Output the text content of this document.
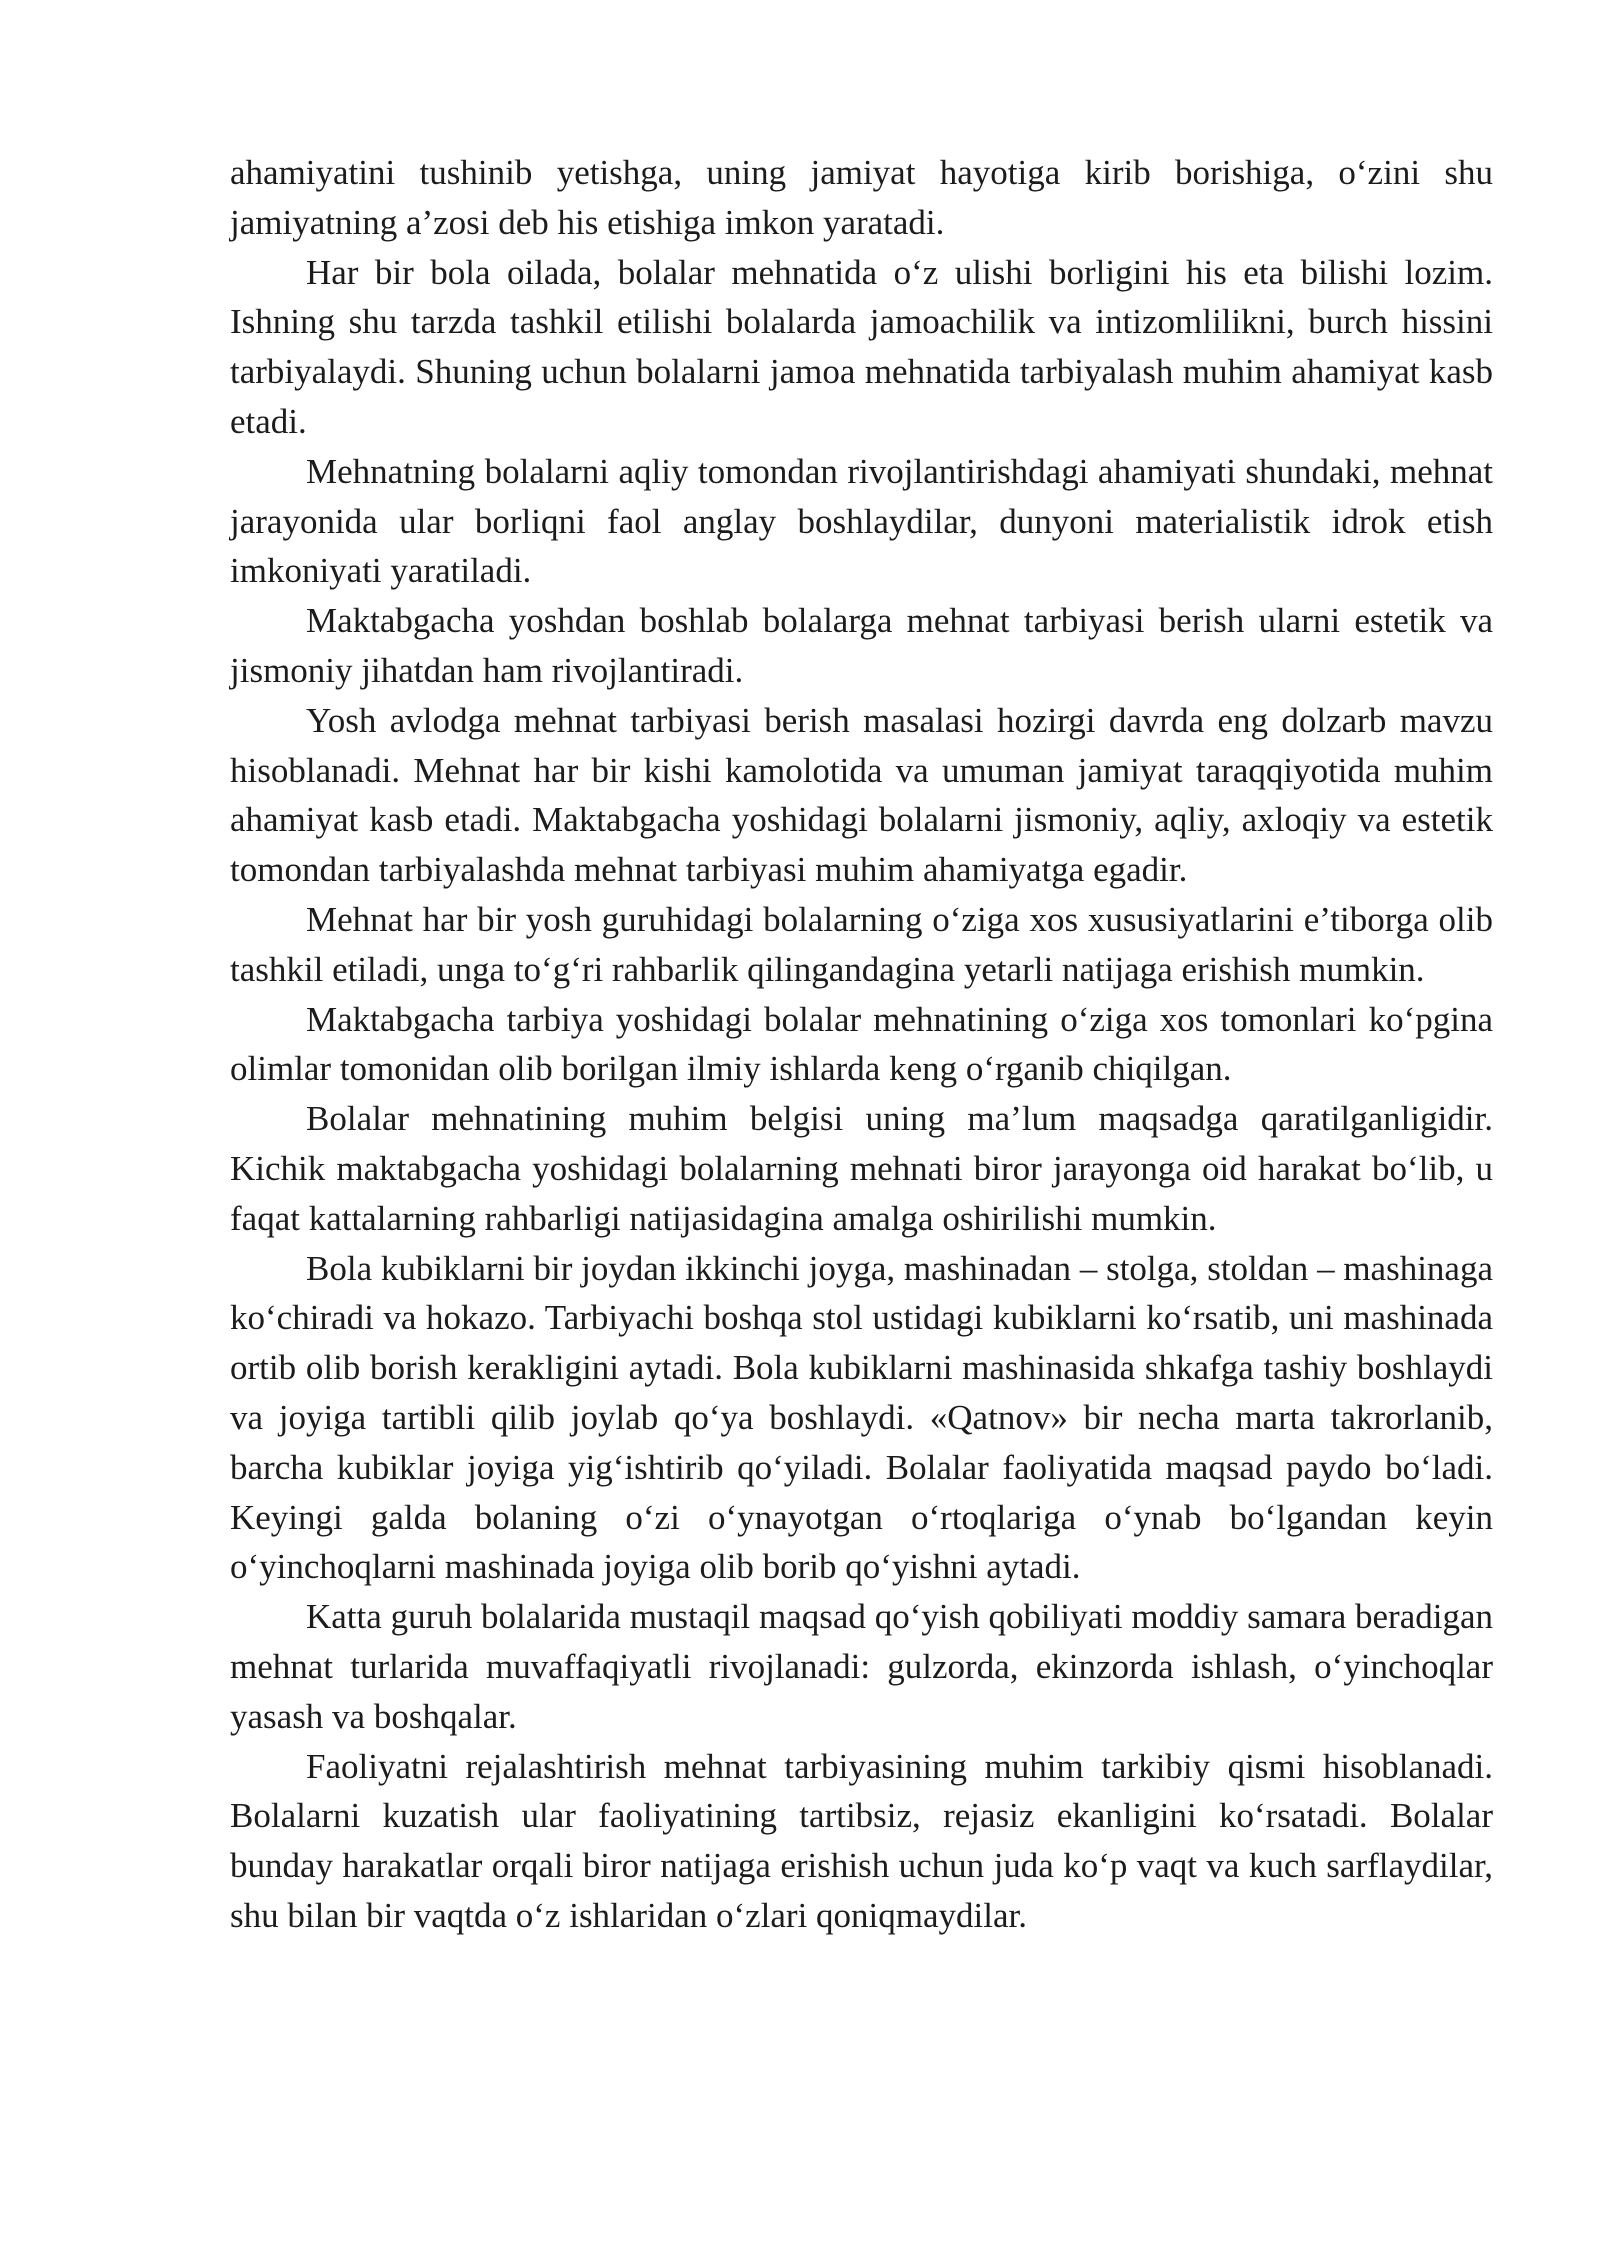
ahamiyatini tushinib yetishga, uning jamiyat hayotiga kirib borishiga, o‘zini shu jamiyatning a’zosi deb his etishiga imkon yaratadi.

Har bir bola oilada, bolalar mehnatida o‘z ulishi borligini his eta bilishi lozim. Ishning shu tarzda tashkil etilishi bolalarda jamoachilik va intizomlilikni, burch hissini tarbiyalaydi. Shuning uchun bolalarni jamoa mehnatida tarbiyalash muhim ahamiyat kasb etadi.

Mehnatning bolalarni aqliy tomondan rivojlantirishdagi ahamiyati shundaki, mehnat jarayonida ular borliqni faol anglay boshlaydilar, dunyoni materialistik idrok etish imkoniyati yaratiladi.

Maktabgacha yoshdan boshlab bolalarga mehnat tarbiyasi berish ularni estetik va jismoniy jihatdan ham rivojlantiradi.

Yosh avlodga mehnat tarbiyasi berish masalasi hozirgi davrda eng dolzarb mavzu hisoblanadi. Mehnat har bir kishi kamolotida va umuman jamiyat taraqqiyotida muhim ahamiyat kasb etadi. Maktabgacha yoshidagi bolalarni jismoniy, aqliy, axloqiy va estetik tomondan tarbiyalashda mehnat tarbiyasi muhim ahamiyatga egadir.

Mehnat har bir yosh guruhidagi bolalarning o‘ziga xos xususiyatlarini e’tiborga olib tashkil etiladi, unga to‘g‘ri rahbarlik qilingandagina yetarli natijaga erishish mumkin.

Maktabgacha tarbiya yoshidagi bolalar mehnatining o‘ziga xos tomonlari ko‘pgina olimlar tomonidan olib borilgan ilmiy ishlarda keng o‘rganib chiqilgan.

Bolalar mehnatining muhim belgisi uning ma’lum maqsadga qaratilganligidir. Kichik maktabgacha yoshidagi bolalarning mehnati biror jarayonga oid harakat bo‘lib, u faqat kattalarning rahbarligi natijasidagina amalga oshirilishi mumkin.

Bola kubiklarni bir joydan ikkinchi joyga, mashinadan – stolga, stoldan – mashinaga ko‘chiradi va hokazo. Tarbiyachi boshqa stol ustidagi kubiklarni ko‘rsatib, uni mashinada ortib olib borish kerakligini aytadi. Bola kubiklarni mashinasida shkafga tashiy boshlaydi va joyiga tartibli qilib joylab qo‘ya boshlaydi. «Qatnov» bir necha marta takrorlanib, barcha kubiklar joyiga yig‘ishtirib qo‘yiladi. Bolalar faoliyatida maqsad paydo bo‘ladi. Keyingi galda bolaning o‘zi o‘ynayotgan o‘rtoqlariga o‘ynab bo‘lgandan keyin o‘yinchoqlarni mashinada joyiga olib borib qo‘yishni aytadi.

Katta guruh bolalarida mustaqil maqsad qo‘yish qobiliyati moddiy samara beradigan mehnat turlarida muvaffaqiyatli rivojlanadi: gulzorda, ekinzorda ishlash, o‘yinchoqlar yasash va boshqalar.

Faoliyatni rejalashtirish mehnat tarbiyasining muhim tarkibiy qismi hisoblanadi. Bolalarni kuzatish ular faoliyatining tartibsiz, rejasiz ekanligini ko‘rsatadi. Bolalar bunday harakatlar orqali biror natijaga erishish uchun juda ko‘p vaqt va kuch sarflaydilar, shu bilan bir vaqtda o‘z ishlaridan o‘zlari qoniqmaydilar.
